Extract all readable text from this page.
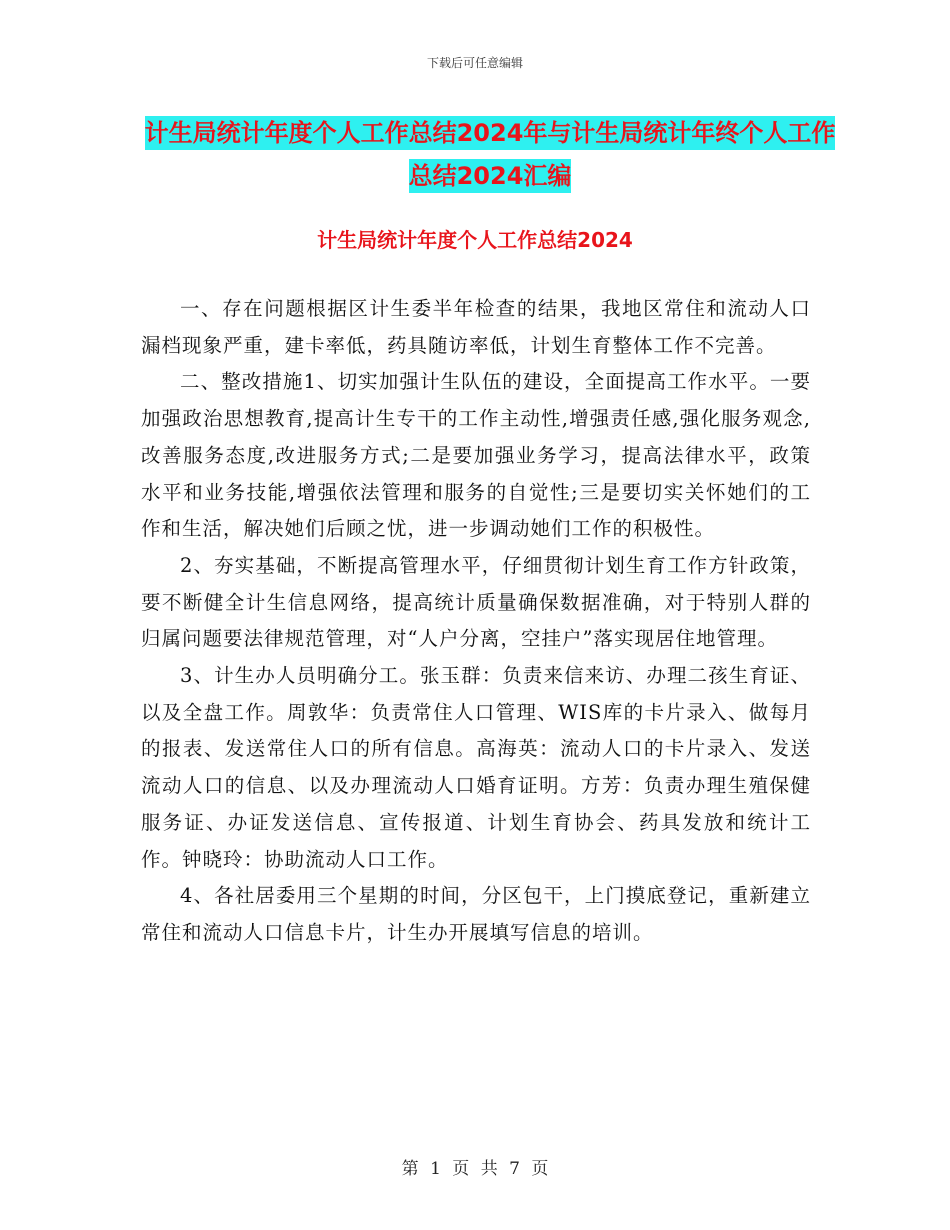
下载后可任意编辑
计生局统计年度个人工作总结2024年与计生局统计年终个人工作总结2024汇编
计生局统计年度个人工作总结2024

一、存在问题根据区计生委半年检查的结果，我地区常住和流动人口漏档现象严重，建卡率低，药具随访率低，计划生育整体工作不完善。

二、整改措施1、切实加强计生队伍的建设，全面提高工作水平。一要加强政治思想教育,提高计生专干的工作主动性,增强责任感,强化服务观念,改善服务态度,改进服务方式;二是要加强业务学习，提高法律水平，政策水平和业务技能,增强依法管理和服务的自觉性;三是要切实关怀她们的工作和生活，解决她们后顾之忧，进一步调动她们工作的积极性。

2、夯实基础，不断提高管理水平，仔细贯彻计划生育工作方针政策，要不断健全计生信息网络，提高统计质量确保数据准确，对于特别人群的归属问题要法律规范管理，对“人户分离，空挂户”落实现居住地管理。

3、计生办人员明确分工。张玉群：负责来信来访、办理二孩生育证、以及全盘工作。周敦华：负责常住人口管理、WIS库的卡片录入、做每月的报表、发送常住人口的所有信息。高海英：流动人口的卡片录入、发送流动人口的信息、以及办理流动人口婚育证明。方芳：负责办理生殖保健服务证、办证发送信息、宣传报道、计划生育协会、药具发放和统计工作。钟晓玲：协助流动人口工作。

4、各社居委用三个星期的时间，分区包干，上门摸底登记，重新建立常住和流动人口信息卡片，计生办开展填写信息的培训。

第 1 页 共 7 页
